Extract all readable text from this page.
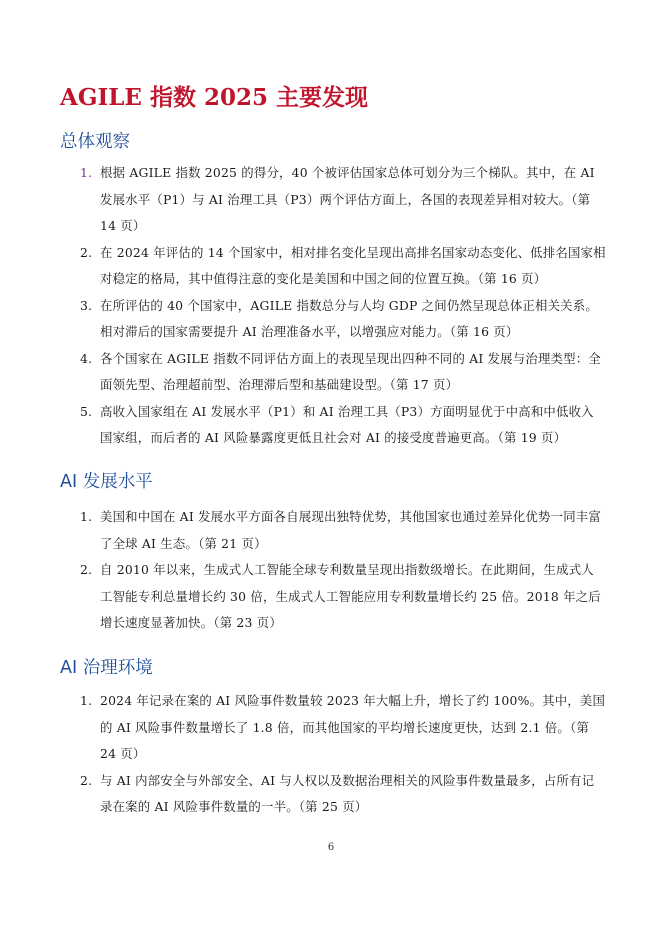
AGILE 指数 2025 主要发现
总体观察
1. 根据 AGILE 指数 2025 的得分，40 个被评估国家总体可划分为三个梯队。其中，在 AI 发展水平（P1）与 AI 治理工具（P3）两个评估方面上，各国的表现差异相对较大。（第 14 页）
2. 在 2024 年评估的 14 个国家中，相对排名变化呈现出高排名国家动态变化、低排名国家相对稳定的格局，其中值得注意的变化是美国和中国之间的位置互换。（第 16 页）
3. 在所评估的 40 个国家中，AGILE 指数总分与人均 GDP 之间仍然呈现总体正相关关系。相对滞后的国家需要提升 AI 治理准备水平，以增强应对能力。（第 16 页）
4. 各个国家在 AGILE 指数不同评估方面上的表现呈现出四种不同的 AI 发展与治理类型：全面领先型、治理超前型、治理滞后型和基础建设型。（第 17 页）
5. 高收入国家组在 AI 发展水平（P1）和 AI 治理工具（P3）方面明显优于中高和中低收入国家组，而后者的 AI 风险暴露度更低且社会对 AI 的接受度普遍更高。（第 19 页）
AI 发展水平
1. 美国和中国在 AI 发展水平方面各自展现出独特优势，其他国家也通过差异化优势一同丰富了全球 AI 生态。（第 21 页）
2. 自 2010 年以来，生成式人工智能全球专利数量呈现出指数级增长。在此期间，生成式人工智能专利总量增长约 30 倍，生成式人工智能应用专利数量增长约 25 倍。2018 年之后增长速度显著加快。（第 23 页）
AI 治理环境
1. 2024 年记录在案的 AI 风险事件数量较 2023 年大幅上升，增长了约 100%。其中，美国的 AI 风险事件数量增长了 1.8 倍，而其他国家的平均增长速度更快，达到 2.1 倍。（第 24 页）
2. 与 AI 内部安全与外部安全、AI 与人权以及数据治理相关的风险事件数量最多，占所有记录在案的 AI 风险事件数量的一半。（第 25 页）
6
